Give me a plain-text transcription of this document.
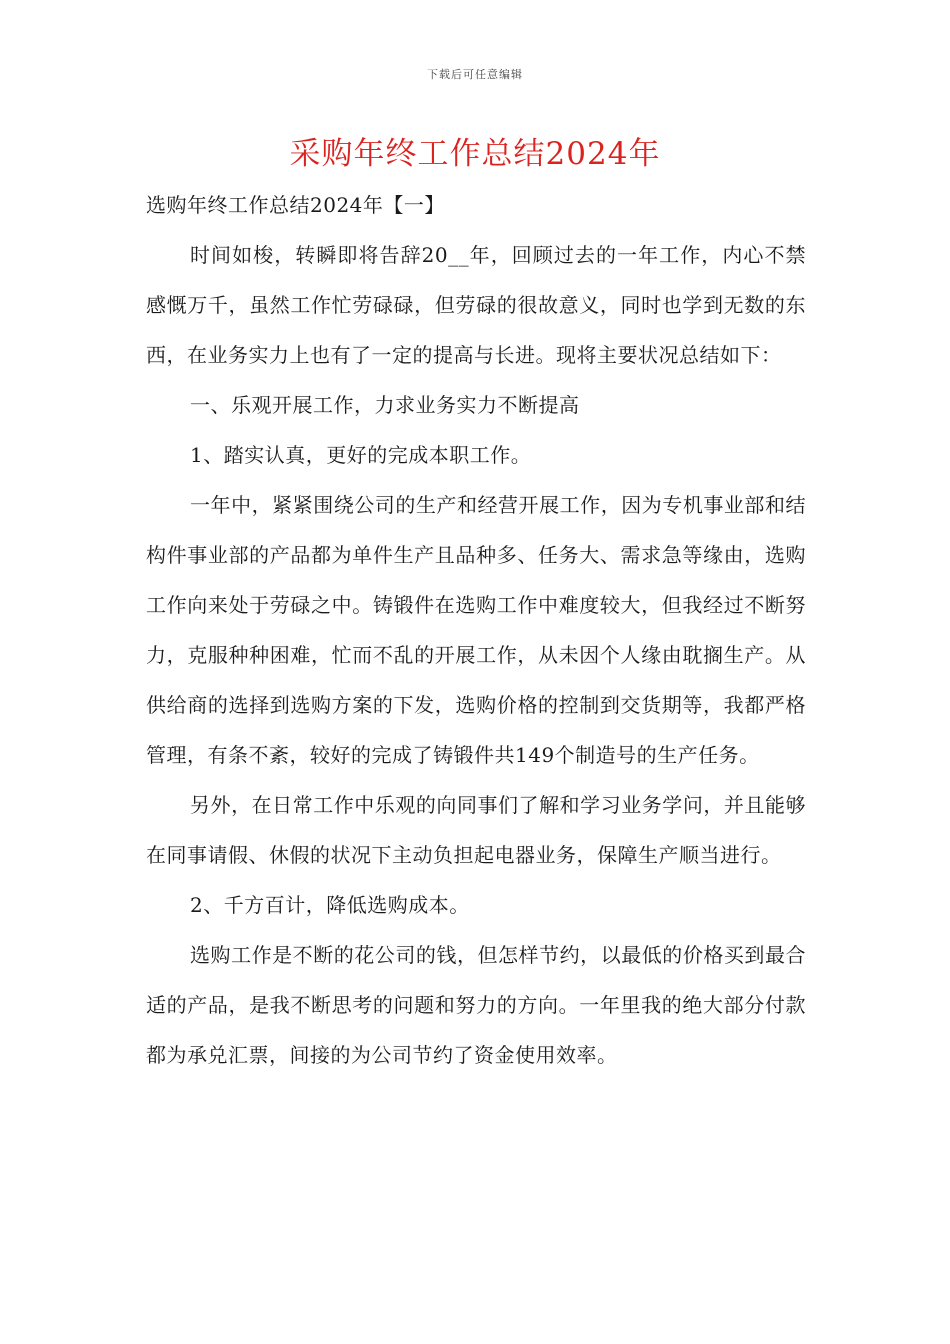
下载后可任意编辑
采购年终工作总结2024年

选购年终工作总结2024年【一】

时间如梭，转瞬即将告辞20__年，回顾过去的一年工作，内心不禁感慨万千，虽然工作忙劳碌碌，但劳碌的很故意义，同时也学到无数的东西，在业务实力上也有了一定的提高与长进。现将主要状况总结如下：

一、乐观开展工作，力求业务实力不断提高

1、踏实认真，更好的完成本职工作。

一年中，紧紧围绕公司的生产和经营开展工作，因为专机事业部和结构件事业部的产品都为单件生产且品种多、任务大、需求急等缘由，选购工作向来处于劳碌之中。铸锻件在选购工作中难度较大，但我经过不断努力，克服种种困难，忙而不乱的开展工作，从未因个人缘由耽搁生产。从供给商的选择到选购方案的下发，选购价格的控制到交货期等，我都严格管理，有条不紊，较好的完成了铸锻件共149个制造号的生产任务。

另外，在日常工作中乐观的向同事们了解和学习业务学问，并且能够在同事请假、休假的状况下主动负担起电器业务，保障生产顺当进行。

2、千方百计，降低选购成本。

选购工作是不断的花公司的钱，但怎样节约，以最低的价格买到最合适的产品，是我不断思考的问题和努力的方向。一年里我的绝大部分付款都为承兑汇票，间接的为公司节约了资金使用效率。
